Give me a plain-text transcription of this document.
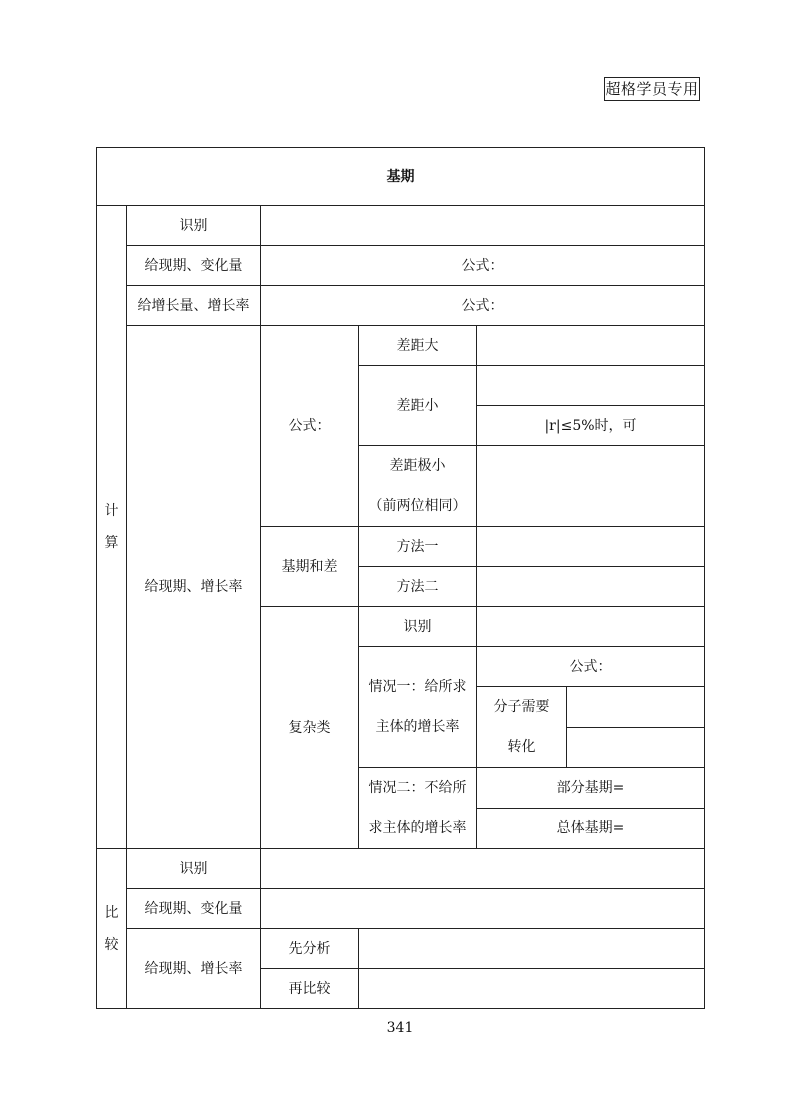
超格学员专用
基期					

计
算	识别				
	给现期、变化量	公式：			
	给增长量、增长率	公式：			
	给现期、增长率	公式：	差距大		
			差距小		
				|r|≤5%时，可	

			差距极小
（前两位相同）		

		基期和差	方法一		
			方法二		
		复杂类	识别		

			情况一：给所求
主体的增长率	公式：	

				分子需要
转化	

			情况二：不给所
求主体的增长率	部分基期=	
				总体基期=	

比
较	识别				
	给现期、变化量				
	给现期、增长率	先分析			
		再比较			
341
